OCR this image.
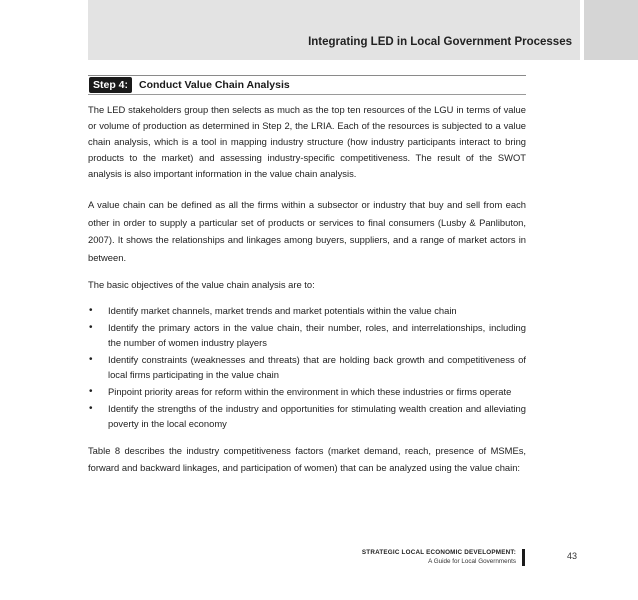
Integrating LED in Local Government Processes
Step 4:	Conduct Value Chain Analysis

The LED stakeholders group then selects as much as the top ten resources of the LGU in terms of value or volume of production as determined in Step 2, the LRIA. Each of the resources is subjected to a value chain analysis, which is a tool in mapping industry structure (how industry participants interact to bring products to the market) and assessing industry-specific competitiveness. The result of the SWOT analysis is also important information in the value chain analysis.

A value chain can be defined as all the firms within a subsector or industry that buy and sell from each other in order to supply a particular set of products or services to final consumers (Lusby & Panlibuton, 2007). It shows the relationships and linkages among buyers, suppliers, and a range of market actors in between.

The basic objectives of the value chain analysis are to:

• Identify market channels, market trends and market potentials within the value chain
• Identify the primary actors in the value chain, their number, roles, and interrelationships, including the number of women industry players
• Identify constraints (weaknesses and threats) that are holding back growth and competitiveness of local firms participating in the value chain
• Pinpoint priority areas for reform within the environment in which these industries or firms operate
• Identify the strengths of the industry and opportunities for stimulating wealth creation and alleviating poverty in the local economy

Table 8 describes the industry competitiveness factors (market demand, reach, presence of MSMEs, forward and backward linkages, and participation of women) that can be analyzed using the value chain:

STRATEGIC LOCAL ECONOMIC DEVELOPMENT:
A Guide for Local Governments
43
